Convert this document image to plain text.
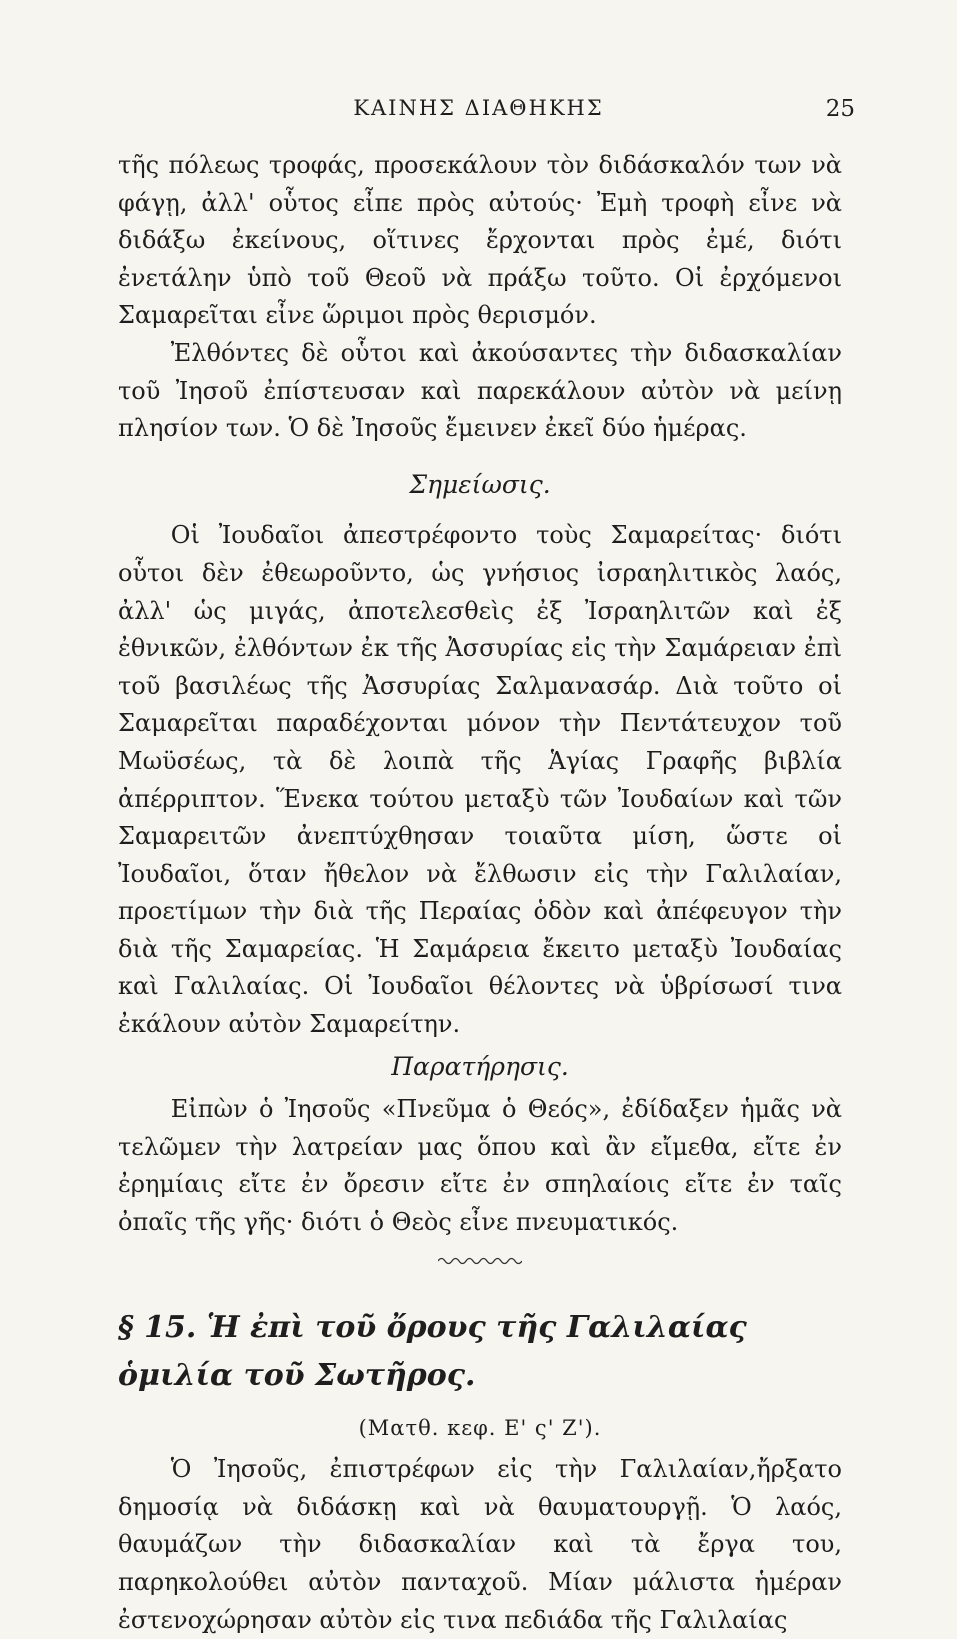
ΚΑΙΝΗΣ ΔΙΑΘΗΚΗΣ	25

τῆς πόλεως τροφάς, προσεκάλουν τὸν διδάσκαλόν των νὰ φάγῃ, ἀλλ' οὗτος εἶπε πρὸς αὐτούς· Ἐμὴ τροφὴ εἶνε νὰ διδάξω ἐκείνους, οἵτινες ἔρχονται πρὸς ἐμέ, διότι ἐνετάλην ὑπὸ τοῦ Θεοῦ νὰ πράξω τοῦτο. Οἱ ἐρχόμενοι Σαμαρεῖται εἶνε ὥριμοι πρὸς θερισμόν.

Ἐλθόντες δὲ οὗτοι καὶ ἀκούσαντες τὴν διδασκαλίαν τοῦ Ἰησοῦ ἐπίστευσαν καὶ παρεκάλουν αὐτὸν νὰ μείνῃ πλησίον των. Ὁ δὲ Ἰησοῦς ἔμεινεν ἐκεῖ δύο ἡμέρας.

Σημείωσις.

Οἱ Ἰουδαῖοι ἀπεστρέφοντο τοὺς Σαμαρείτας· διότι οὗτοι δὲν ἐθεωροῦντο, ὡς γνήσιος ἰσραηλιτικὸς λαός, ἀλλ' ὡς μιγάς, ἀποτελεσθεὶς ἐξ Ἰσραηλιτῶν καὶ ἐξ ἐθνικῶν, ἐλθόντων ἐκ τῆς Ἀσσυρίας εἰς τὴν Σαμάρειαν ἐπὶ τοῦ βασιλέως τῆς Ἀσσυρίας Σαλμανασάρ. Διὰ τοῦτο οἱ Σαμαρεῖται παραδέχονται μόνον τὴν Πεντάτευχον τοῦ Μωϋσέως, τὰ δὲ λοιπὰ τῆς Ἁγίας Γραφῆς βιβλία ἀπέρριπτον. Ἕνεκα τούτου μεταξὺ τῶν Ἰουδαίων καὶ τῶν Σαμαρειτῶν ἀνεπτύχθησαν τοιαῦτα μίση, ὥστε οἱ Ἰουδαῖοι, ὅταν ἤθελον νὰ ἔλθωσιν εἰς τὴν Γαλιλαίαν, προετίμων τὴν διὰ τῆς Περαίας ὁδὸν καὶ ἀπέφευγον τὴν διὰ τῆς Σαμαρείας. Ἡ Σαμάρεια ἔκειτο μεταξὺ Ἰουδαίας καὶ Γαλιλαίας. Οἱ Ἰουδαῖοι θέλοντες νὰ ὑβρίσωσί τινα ἐκάλουν αὐτὸν Σαμαρείτην.

Παρατήρησις.

Εἰπὼν ὁ Ἰησοῦς «Πνεῦμα ὁ Θεός», ἐδίδαξεν ἡμᾶς νὰ τελῶμεν τὴν λατρείαν μας ὅπου καὶ ἂν εἴμεθα, εἴτε ἐν ἐρημίαις εἴτε ἐν ὄρεσιν εἴτε ἐν σπηλαίοις εἴτε ἐν ταῖς ὀπαῖς τῆς γῆς· διότι ὁ Θεὸς εἶνε πνευματικός.

§ 15. Ἡ ἐπὶ τοῦ ὄρους τῆς Γαλιλαίας

ὁμιλία τοῦ Σωτῆρος.

(Ματθ. κεφ. Ε' ς' Ζ').

Ὁ Ἰησοῦς, ἐπιστρέφων εἰς τὴν Γαλιλαίαν,ἤρξατο δημοσίᾳ νὰ διδάσκῃ καὶ νὰ θαυματουργῇ. Ὁ λαός, θαυμάζων τὴν διδασκαλίαν καὶ τὰ ἔργα του, παρηκολούθει αὐτὸν πανταχοῦ. Μίαν μάλιστα ἡμέραν ἐστενοχώρησαν αὐτὸν εἰς τινα πεδιάδα τῆς Γαλιλαίας
